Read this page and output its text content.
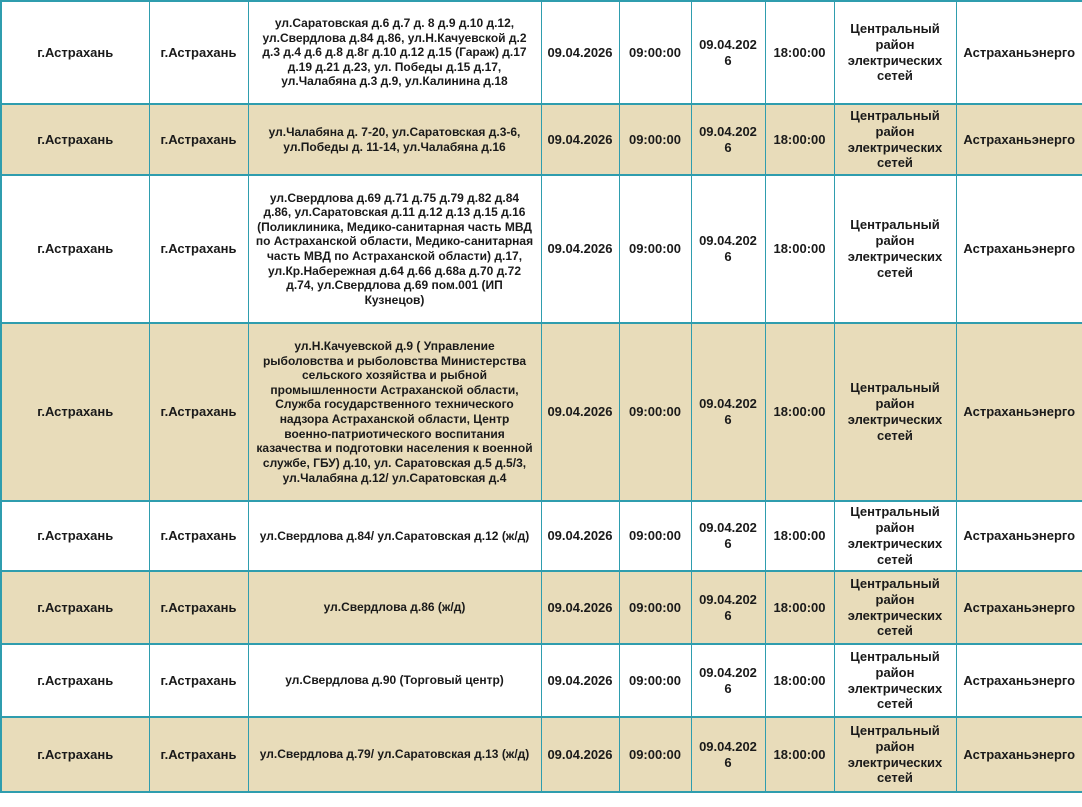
г.Астрахань	г.Астрахань	ул.Саратовская д.6 д.7 д. 8 д.9 д.10 д.12, ул.Свердлова д.84 д.86, ул.Н.Качуевской д.2 д.3 д.4 д.6 д.8 д.8г д.10 д.12 д.15 (Гараж) д.17 д.19 д.21 д.23, ул. Победы д.15 д.17, ул.Чалабяна д.3 д.9, ул.Калинина д.18	09.04.2026	09:00:00	09.04.2026	18:00:00	Центральный район электрических сетей	Астраханьэнерго
г.Астрахань	г.Астрахань	ул.Чалабяна д. 7-20, ул.Саратовская д.3-6, ул.Победы д. 11-14, ул.Чалабяна д.16	09.04.2026	09:00:00	09.04.2026	18:00:00	Центральный район электрических сетей	Астраханьэнерго
г.Астрахань	г.Астрахань	ул.Свердлова д.69 д.71 д.75 д.79 д.82 д.84 д.86, ул.Саратовская д.11 д.12 д.13 д.15 д.16 (Поликлиника, Медико-санитарная часть МВД по Астраханской области, Медико-санитарная часть МВД по Астраханской области) д.17, ул.Кр.Набережная д.64 д.66 д.68а д.70 д.72 д.74, ул.Свердлова д.69 пом.001 (ИП Кузнецов)	09.04.2026	09:00:00	09.04.2026	18:00:00	Центральный район электрических сетей	Астраханьэнерго
г.Астрахань	г.Астрахань	ул.Н.Качуевской д.9 ( Управление рыболовства и рыболовства Министерства сельского хозяйства и рыбной промышленности Астраханской области, Служба государственного технического надзора Астраханской области, Центр военно-патриотического воспитания казачества и подготовки населения к военной службе, ГБУ) д.10, ул. Саратовская д.5 д.5/3, ул.Чалабяна д.12/ ул.Саратовская д.4	09.04.2026	09:00:00	09.04.2026	18:00:00	Центральный район электрических сетей	Астраханьэнерго
г.Астрахань	г.Астрахань	ул.Свердлова д.84/ ул.Саратовская д.12 (ж/д)	09.04.2026	09:00:00	09.04.2026	18:00:00	Центральный район электрических сетей	Астраханьэнерго
г.Астрахань	г.Астрахань	ул.Свердлова д.86 (ж/д)	09.04.2026	09:00:00	09.04.2026	18:00:00	Центральный район электрических сетей	Астраханьэнерго
г.Астрахань	г.Астрахань	ул.Свердлова д.90 (Торговый центр)	09.04.2026	09:00:00	09.04.2026	18:00:00	Центральный район электрических сетей	Астраханьэнерго
г.Астрахань	г.Астрахань	ул.Свердлова д.79/ ул.Саратовская д.13 (ж/д)	09.04.2026	09:00:00	09.04.2026	18:00:00	Центральный район электрических сетей	Астраханьэнерго
